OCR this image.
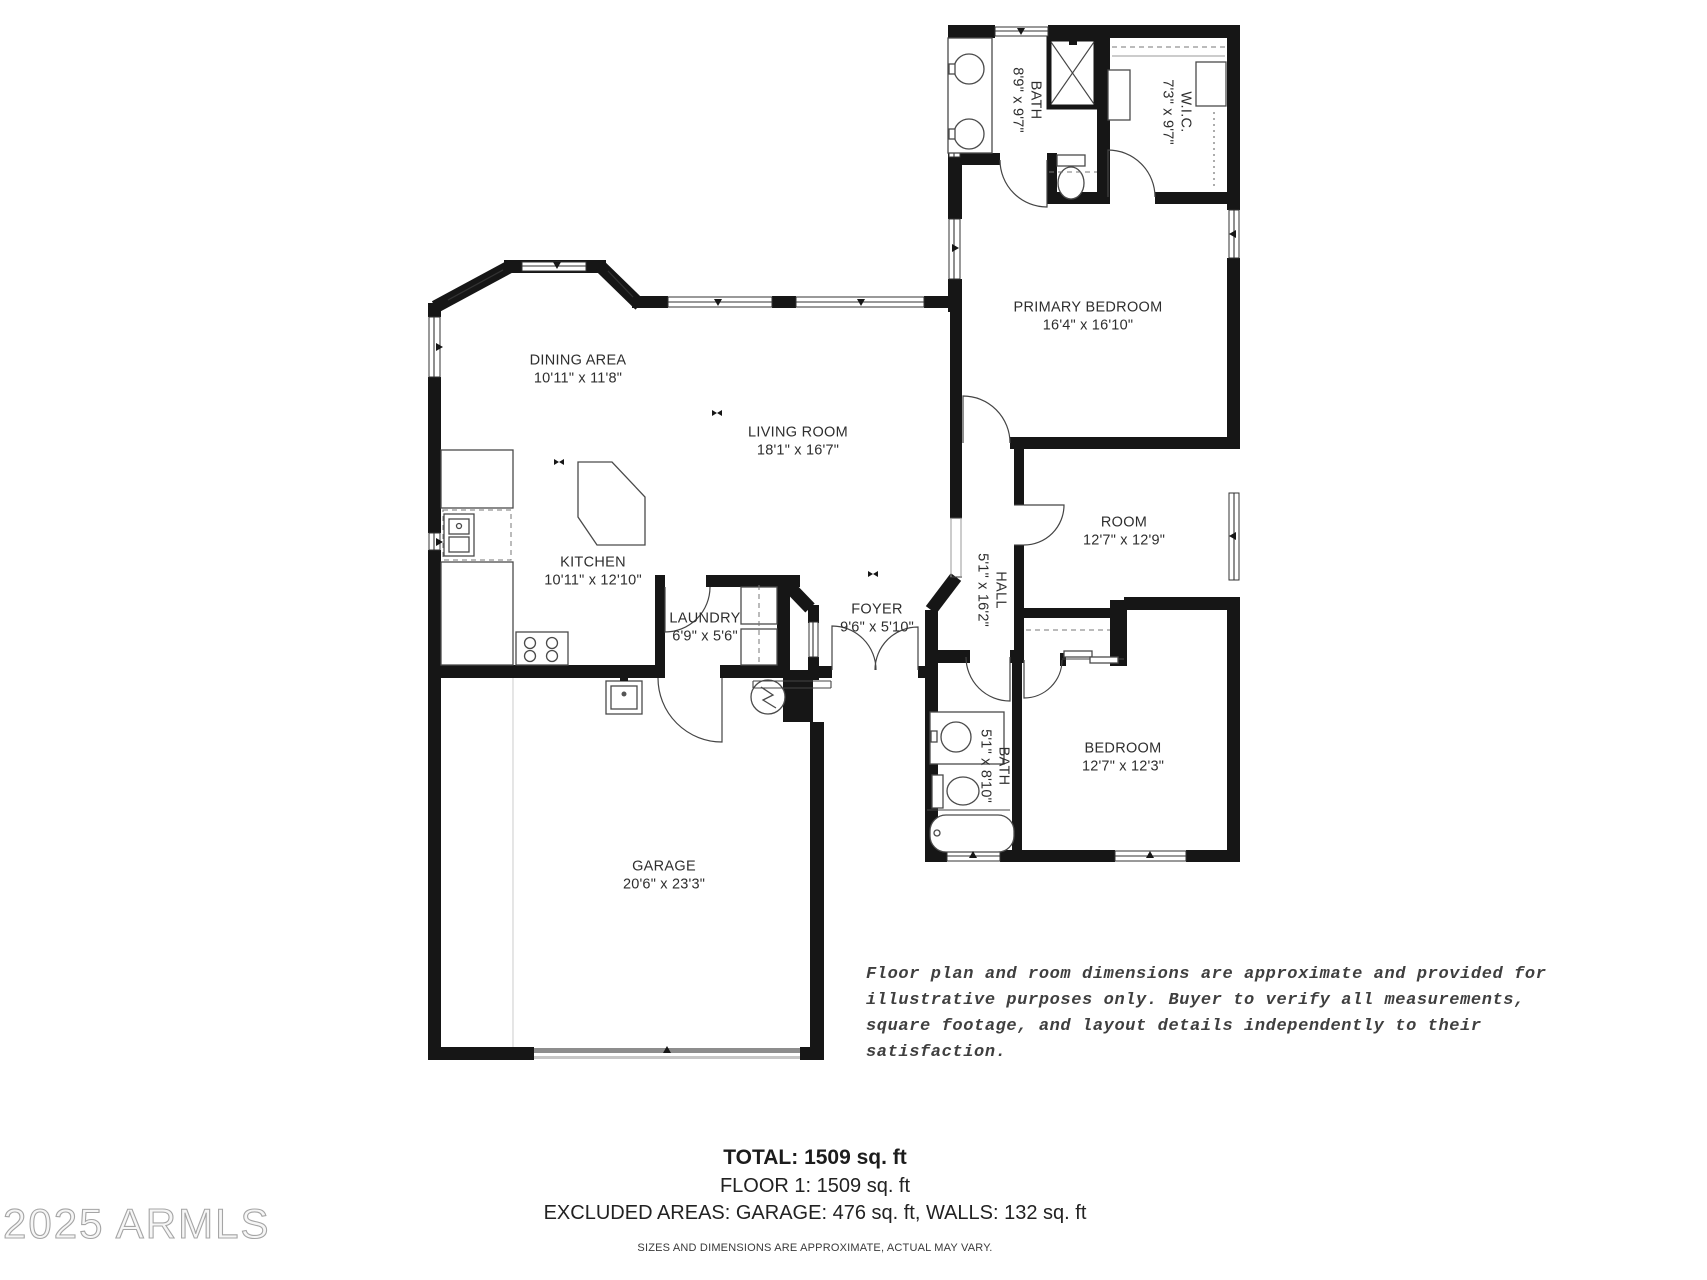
BATH
8'9" x 9'7"	W.I.C.
7'3" x 9'7"
PRIMARY BEDROOM
16'4" x 16'10"
DINING AREA
10'11" x 11'8"
LIVING ROOM
18'1" x 16'7"
KITCHEN
10'11" x 12'10"
LAUNDRY
6'9" x 5'6"
FOYER
9'6" x 5'10"
HALL
5'1" x 16'2"
ROOM
12'7" x 12'9"
BATH
5'1" x 8'10"	BEDROOM
12'7" x 12'3"
GARAGE
20'6" x 23'3"
Floor plan and room dimensions are approximate and provided for
illustrative purposes only. Buyer to verify all measurements,
square footage, and layout details independently to their
satisfaction.
TOTAL: 1509 sq. ft
FLOOR 1: 1509 sq. ft
EXCLUDED AREAS: GARAGE: 476 sq. ft, WALLS: 132 sq. ft
SIZES AND DIMENSIONS ARE APPROXIMATE, ACTUAL MAY VARY.
2025 ARMLS
